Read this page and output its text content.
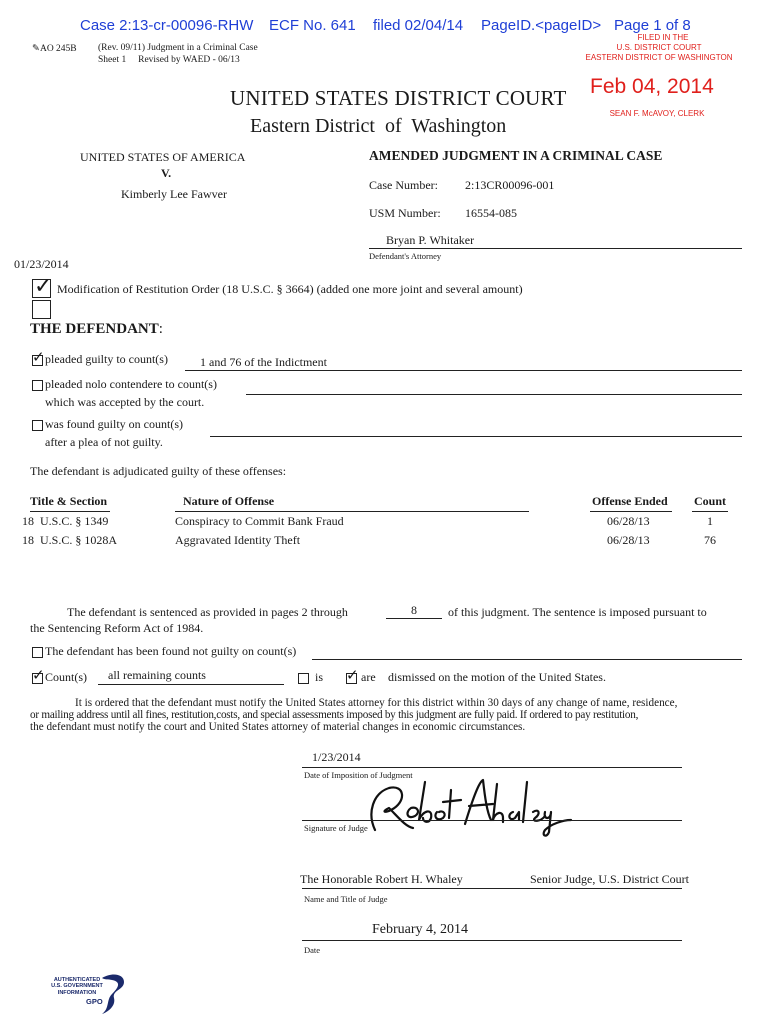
Case 2:13-cr-00096-RHW ECF No. 641 filed 02/04/14 PageID.<pageID> Page 1 of 8
✎AO 245B (Rev. 09/11) Judgment in a Criminal Case
Sheet 1     Revised by WAED - 06/13
FILED IN THE
U.S. DISTRICT COURT
EASTERN DISTRICT OF WASHINGTON
Feb 04, 2014
SEAN F. McAVOY, CLERK
UNITED STATES DISTRICT COURT
Eastern District  of  Washington
UNITED STATES OF AMERICA
V.
Kimberly Lee Fawver
AMENDED JUDGMENT IN A CRIMINAL CASE
Case Number: 2:13CR00096-001
USM Number: 16554-085
Bryan P. Whitaker
Defendant's Attorney
01/23/2014
✓ Modification of Restitution Order (18 U.S.C. § 3664) (added one more joint and several amount)
THE DEFENDANT:
✓ pleaded guilty to count(s)	1 and 76 of the Indictment
pleaded nolo contendere to count(s)
which was accepted by the court.
was found guilty on count(s)
after a plea of not guilty.
The defendant is adjudicated guilty of these offenses:
Title & Section	Nature of Offense	Offense Ended Count
18  U.S.C. § 1349	Conspiracy to Commit Bank Fraud	06/28/13	1
18  U.S.C. § 1028A	Aggravated Identity Theft	06/28/13	76
The defendant is sentenced as provided in pages 2 through	8	of this judgment. The sentence is imposed pursuant to
the Sentencing Reform Act of 1984.
The defendant has been found not guilty on count(s)
✓ Count(s) all remaining counts	is ✓ are dismissed on the motion of the United States.
It is ordered that the defendant must notify the United States attorney for this district within 30 days of any change of name, residence,
or mailing address until all fines, restitution,costs, and special assessments imposed by this judgment are fully paid. If ordered to pay restitution,
the defendant must notify the court and United States attorney of material changes in economic circumstances.
1/23/2014
Date of Imposition of Judgment
Signature of Judge
The Honorable Robert H. Whaley	Senior Judge, U.S. District Court
Name and Title of Judge
February 4, 2014
Date
AUTHENTICATED
U.S. GOVERNMENT
INFORMATION
GPO
